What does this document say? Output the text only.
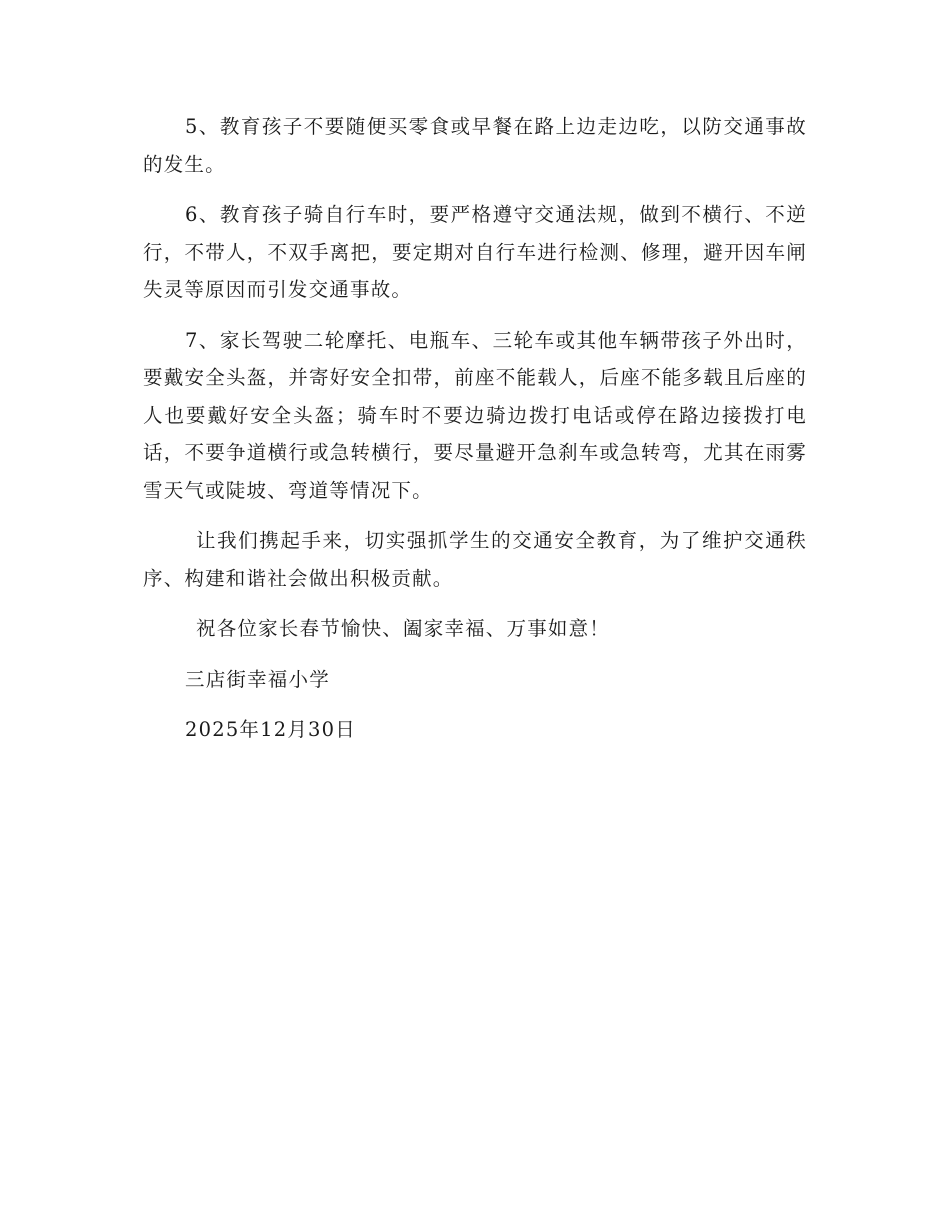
5、教育孩子不要随便买零食或早餐在路上边走边吃，以防交通事故的发生。

6、教育孩子骑自行车时，要严格遵守交通法规，做到不横行、不逆行，不带人，不双手离把，要定期对自行车进行检测、修理，避开因车闸失灵等原因而引发交通事故。

7、家长驾驶二轮摩托、电瓶车、三轮车或其他车辆带孩子外出时，要戴安全头盔，并寄好安全扣带，前座不能载人，后座不能多载且后座的人也要戴好安全头盔；骑车时不要边骑边拨打电话或停在路边接拨打电话，不要争道横行或急转横行，要尽量避开急刹车或急转弯，尤其在雨雾雪天气或陡坡、弯道等情况下。

让我们携起手来，切实强抓学生的交通安全教育，为了维护交通秩序、构建和谐社会做出积极贡献。

祝各位家长春节愉快、阖家幸福、万事如意！

三店街幸福小学

2025年12月30日
